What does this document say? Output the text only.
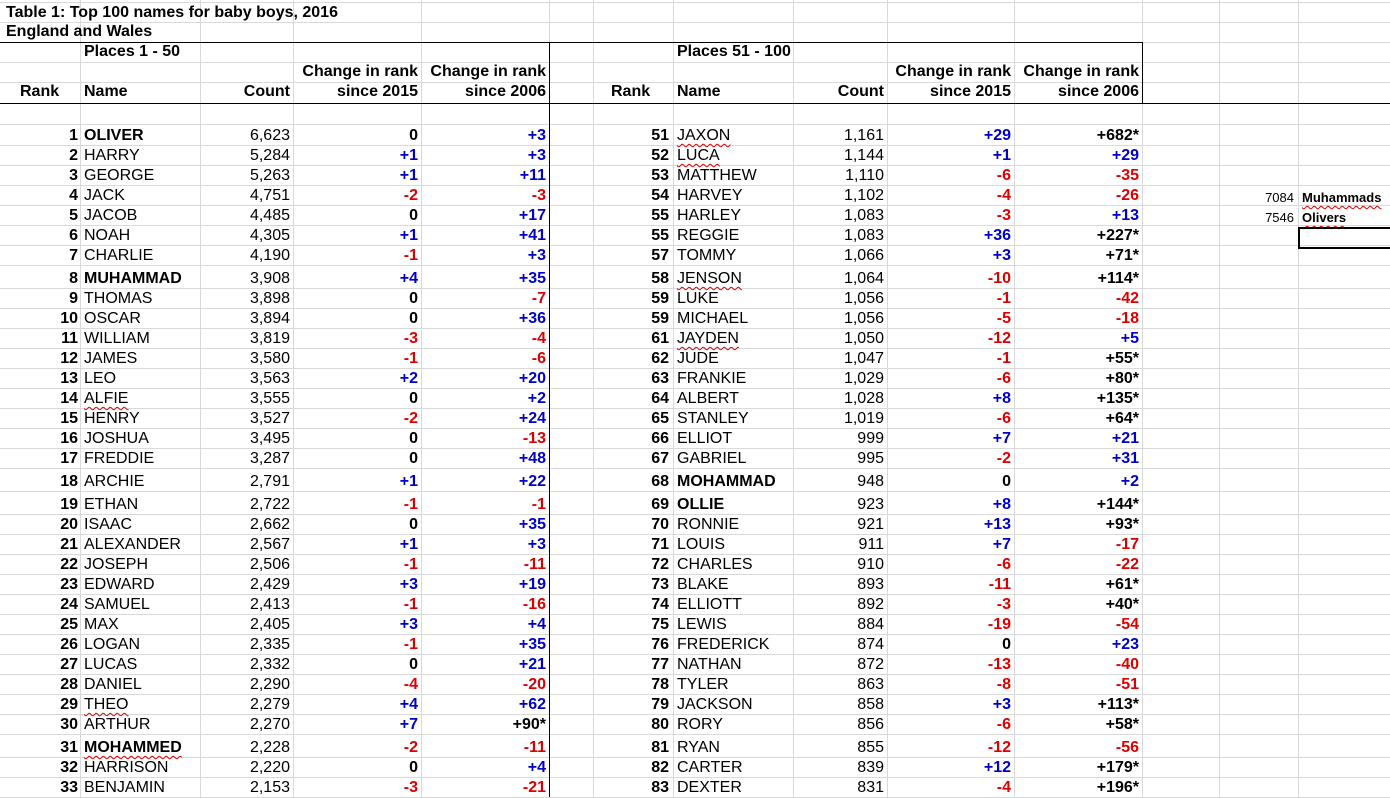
Table 1: Top 100 names for baby boys, 2016
England and Wales
Places 1 - 50	Places 51 - 100
Rank Name	Count
Change in rank
since 2015
Change in rank
since 2006	Rank Name	Count
Change in rank
since 2015
Change in rank
since 2006
1 OLIVER	6,623	0	+3
2 HARRY	5,284	+1	+3
3 GEORGE	5,263	+1	+11
4 JACK	4,751	-2	-3
5 JACOB	4,485	0	+17
6 NOAH	4,305	+1	+41
7 CHARLIE	4,190	-1	+3
8 MUHAMMAD	3,908	+4	+35
9 THOMAS	3,898	0	-7
10 OSCAR	3,894	0	+36
11 WILLIAM	3,819	-3	-4
12 JAMES	3,580	-1	-6
13 LEO	3,563	+2	+20
14 ALFIE	3,555	0	+2
15 HENRY	3,527	-2	+24
16 JOSHUA	3,495	0	-13
17 FREDDIE	3,287	0	+48
18 ARCHIE	2,791	+1	+22
19 ETHAN	2,722	-1	-1
20 ISAAC	2,662	0	+35
21 ALEXANDER	2,567	+1	+3
22 JOSEPH	2,506	-1	-11
23 EDWARD	2,429	+3	+19
24 SAMUEL	2,413	-1	-16
25 MAX	2,405	+3	+4
26 LOGAN	2,335	-1	+35
27 LUCAS	2,332	0	+21
28 DANIEL	2,290	-4	-20
29 THEO	2,279	+4	+62
30 ARTHUR	2,270	+7	+90*
31 MOHAMMED	2,228	-2	-11
32 HARRISON	2,220	0	+4
33 BENJAMIN	2,153	-3	-21
51 JAXON	1,161	+29	+682*
52 LUCA	1,144	+1	+29
53 MATTHEW	1,110	-6	-35
54 HARVEY	1,102	-4	-26
55 HARLEY	1,083	-3	+13
55 REGGIE	1,083	+36	+227*
57 TOMMY	1,066	+3	+71*
58 JENSON	1,064	-10	+114*
59 LUKE	1,056	-1	-42
59 MICHAEL	1,056	-5	-18
61 JAYDEN	1,050	-12	+5
62 JUDE	1,047	-1	+55*
63 FRANKIE	1,029	-6	+80*
64 ALBERT	1,028	+8	+135*
65 STANLEY	1,019	-6	+64*
66 ELLIOT	999	+7	+21
67 GABRIEL	995	-2	+31
68 MOHAMMAD	948	0	+2
69 OLLIE	923	+8	+144*
70 RONNIE	921	+13	+93*
71 LOUIS	911	+7	-17
72 CHARLES	910	-6	-22
73 BLAKE	893	-11	+61*
74 ELLIOTT	892	-3	+40*
75 LEWIS	884	-19	-54
76 FREDERICK	874	0	+23
77 NATHAN	872	-13	-40
78 TYLER	863	-8	-51
79 JACKSON	858	+3	+113*
80 RORY	856	-6	+58*
81 RYAN	855	-12	-56
82 CARTER	839	+12	+179*
83 DEXTER	831	-4	+196*
7084 Muhammads
7546 Olivers
